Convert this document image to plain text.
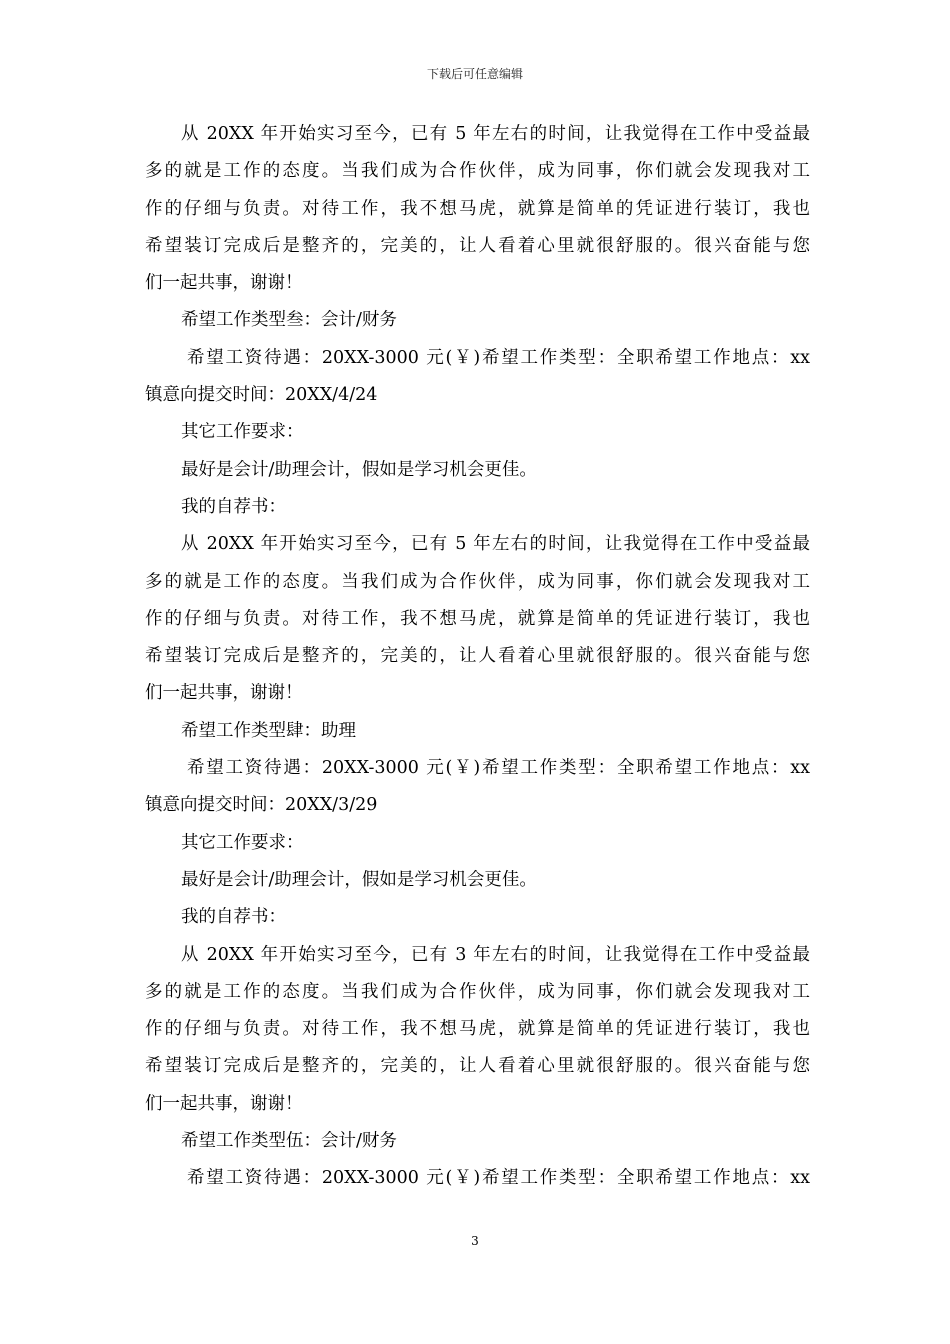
下载后可任意编辑
从 20XX 年开始实习至今，已有 5 年左右的时间，让我觉得在工作中受益最
多的就是工作的态度。当我们成为合作伙伴，成为同事，你们就会发现我对工
作的仔细与负责。对待工作，我不想马虎，就算是简单的凭证进行装订，我也
希望装订完成后是整齐的，完美的，让人看着心里就很舒服的。很兴奋能与您
们一起共事，谢谢！
希望工作类型叁：会计/财务
希望工资待遇：20XX-3000 元(￥)希望工作类型：全职希望工作地点：xx
镇意向提交时间：20XX/4/24
其它工作要求：
最好是会计/助理会计，假如是学习机会更佳。
我的自荐书：
从 20XX 年开始实习至今，已有 5 年左右的时间，让我觉得在工作中受益最
多的就是工作的态度。当我们成为合作伙伴，成为同事，你们就会发现我对工
作的仔细与负责。对待工作，我不想马虎，就算是简单的凭证进行装订，我也
希望装订完成后是整齐的，完美的，让人看着心里就很舒服的。很兴奋能与您
们一起共事，谢谢！
希望工作类型肆：助理
希望工资待遇：20XX-3000 元(￥)希望工作类型：全职希望工作地点：xx
镇意向提交时间：20XX/3/29
其它工作要求：
最好是会计/助理会计，假如是学习机会更佳。
我的自荐书：
从 20XX 年开始实习至今，已有 3 年左右的时间，让我觉得在工作中受益最
多的就是工作的态度。当我们成为合作伙伴，成为同事，你们就会发现我对工
作的仔细与负责。对待工作，我不想马虎，就算是简单的凭证进行装订，我也
希望装订完成后是整齐的，完美的，让人看着心里就很舒服的。很兴奋能与您
们一起共事，谢谢！
希望工作类型伍：会计/财务
希望工资待遇：20XX-3000 元(￥)希望工作类型：全职希望工作地点：xx
3
